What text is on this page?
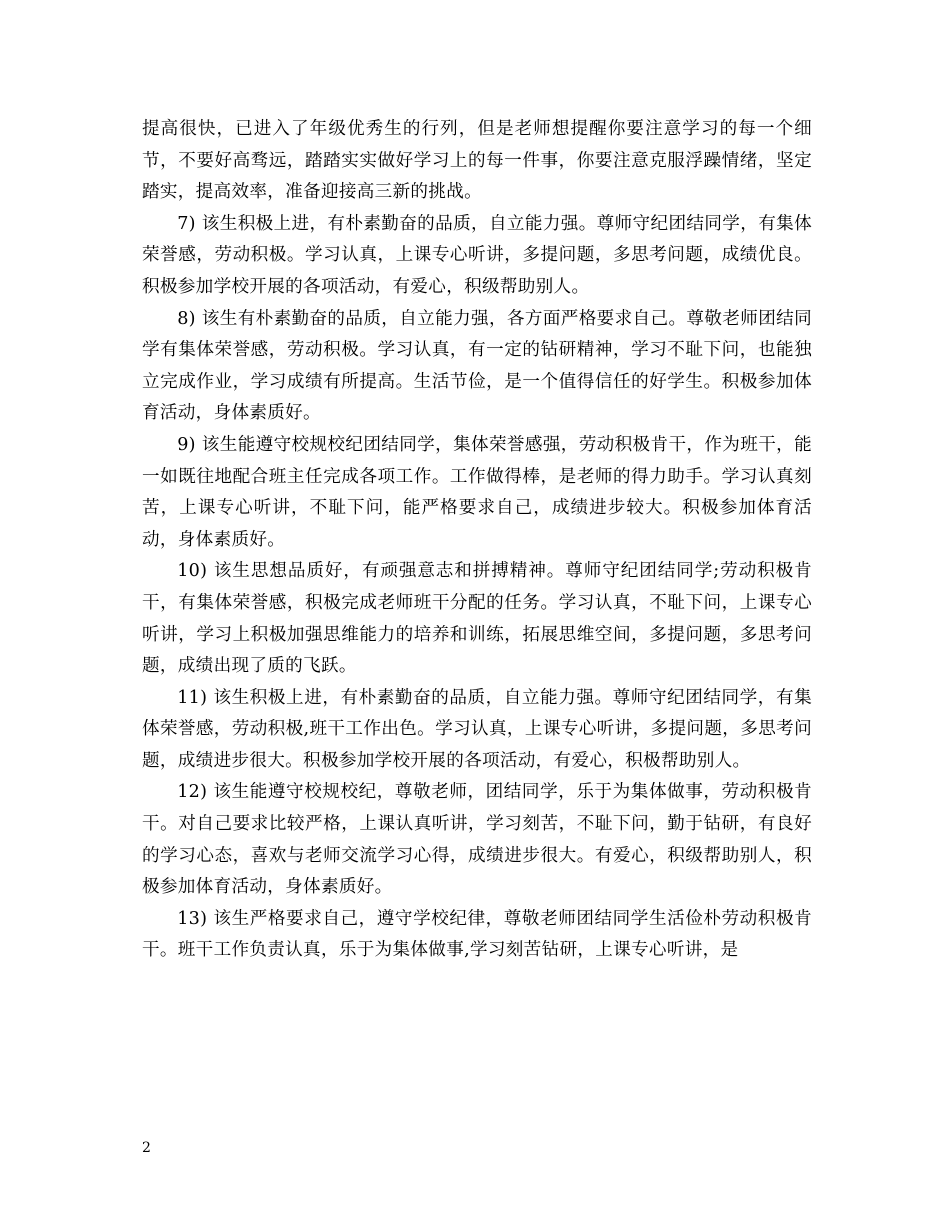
提高很快，已进入了年级优秀生的行列，但是老师想提醒你要注意学习的每一个细节，不要好高骛远，踏踏实实做好学习上的每一件事，你要注意克服浮躁情绪，坚定踏实，提高效率，准备迎接高三新的挑战。

7) 该生积极上进，有朴素勤奋的品质，自立能力强。尊师守纪团结同学，有集体荣誉感，劳动积极。学习认真，上课专心听讲，多提问题，多思考问题，成绩优良。积极参加学校开展的各项活动，有爱心，积级帮助别人。

8) 该生有朴素勤奋的品质，自立能力强，各方面严格要求自己。尊敬老师团结同学有集体荣誉感，劳动积极。学习认真，有一定的钻研精神，学习不耻下问，也能独立完成作业，学习成绩有所提高。生活节俭，是一个值得信任的好学生。积极参加体育活动，身体素质好。

9) 该生能遵守校规校纪团结同学，集体荣誉感强，劳动积极肯干，作为班干，能一如既往地配合班主任完成各项工作。工作做得棒，是老师的得力助手。学习认真刻苦，上课专心听讲，不耻下问，能严格要求自己，成绩进步较大。积极参加体育活动，身体素质好。

10) 该生思想品质好，有顽强意志和拼搏精神。尊师守纪团结同学;劳动积极肯干，有集体荣誉感，积极完成老师班干分配的任务。学习认真，不耻下问，上课专心听讲，学习上积极加强思维能力的培养和训练，拓展思维空间，多提问题，多思考问题，成绩出现了质的飞跃。

11) 该生积极上进，有朴素勤奋的品质，自立能力强。尊师守纪团结同学，有集体荣誉感，劳动积极,班干工作出色。学习认真，上课专心听讲，多提问题，多思考问题，成绩进步很大。积极参加学校开展的各项活动，有爱心，积极帮助别人。

12) 该生能遵守校规校纪，尊敬老师，团结同学，乐于为集体做事，劳动积极肯干。对自己要求比较严格，上课认真听讲，学习刻苦，不耻下问，勤于钻研，有良好的学习心态，喜欢与老师交流学习心得，成绩进步很大。有爱心，积级帮助别人，积极参加体育活动，身体素质好。

13) 该生严格要求自己，遵守学校纪律，尊敬老师团结同学生活俭朴劳动积极肯干。班干工作负责认真，乐于为集体做事,学习刻苦钻研，上课专心听讲，是

2
